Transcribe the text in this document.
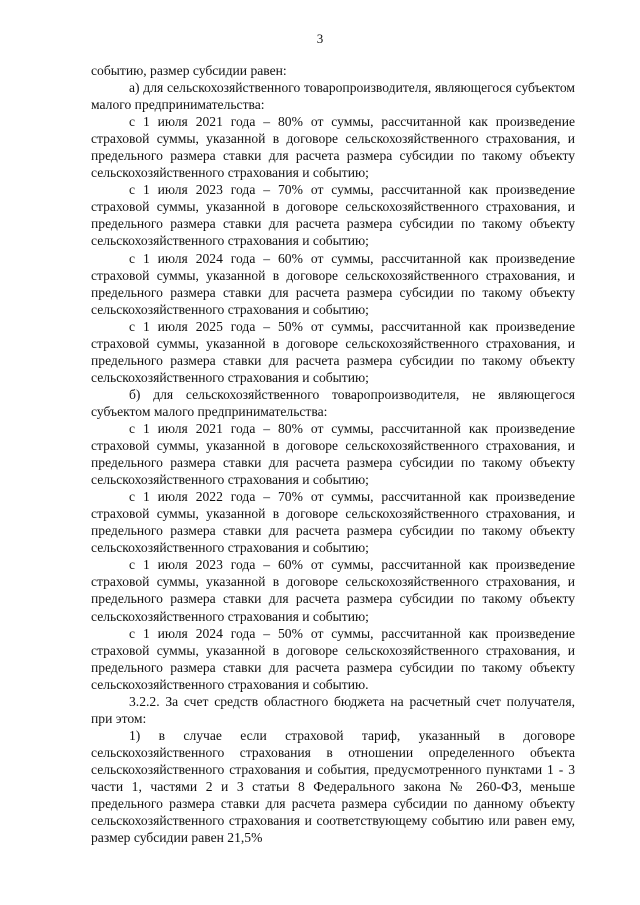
3

событию, размер субсидии равен:

а) для сельскохозяйственного товаропроизводителя, являющегося субъектом малого предпринимательства:

с 1 июля 2021 года – 80% от суммы, рассчитанной как произведение страховой суммы, указанной в договоре сельскохозяйственного страхования, и предельного размера ставки для расчета размера субсидии по такому объекту сельскохозяйственного страхования и событию;

с 1 июля 2023 года – 70% от суммы, рассчитанной как произведение страховой суммы, указанной в договоре сельскохозяйственного страхования, и предельного размера ставки для расчета размера субсидии по такому объекту сельскохозяйственного страхования и событию;

с 1 июля 2024 года – 60% от суммы, рассчитанной как произведение страховой суммы, указанной в договоре сельскохозяйственного страхования, и предельного размера ставки для расчета размера субсидии по такому объекту сельскохозяйственного страхования и событию;

с 1 июля 2025 года – 50% от суммы, рассчитанной как произведение страховой суммы, указанной в договоре сельскохозяйственного страхования, и предельного размера ставки для расчета размера субсидии по такому объекту сельскохозяйственного страхования и событию;

б) для сельскохозяйственного товаропроизводителя, не являющегося субъектом малого предпринимательства:

с 1 июля 2021 года – 80% от суммы, рассчитанной как произведение страховой суммы, указанной в договоре сельскохозяйственного страхования, и предельного размера ставки для расчета размера субсидии по такому объекту сельскохозяйственного страхования и событию;

с 1 июля 2022 года – 70% от суммы, рассчитанной как произведение страховой суммы, указанной в договоре сельскохозяйственного страхования, и предельного размера ставки для расчета размера субсидии по такому объекту сельскохозяйственного страхования и событию;

с 1 июля 2023 года – 60% от суммы, рассчитанной как произведение страховой суммы, указанной в договоре сельскохозяйственного страхования, и предельного размера ставки для расчета размера субсидии по такому объекту сельскохозяйственного страхования и событию;

с 1 июля 2024 года – 50% от суммы, рассчитанной как произведение страховой суммы, указанной в договоре сельскохозяйственного страхования, и предельного размера ставки для расчета размера субсидии по такому объекту сельскохозяйственного страхования и событию.

3.2.2. За счет средств областного бюджета на расчетный счет получателя, при этом:

1) в случае если страховой тариф, указанный в договоре сельскохозяйственного страхования в отношении определенного объекта сельскохозяйственного страхования и события, предусмотренного пунктами 1 - 3 части 1, частями 2 и 3 статьи 8 Федерального закона № 260-ФЗ, меньше предельного размера ставки для расчета размера субсидии по данному объекту сельскохозяйственного страхования и соответствующему событию или равен ему, размер субсидии равен 21,5%
